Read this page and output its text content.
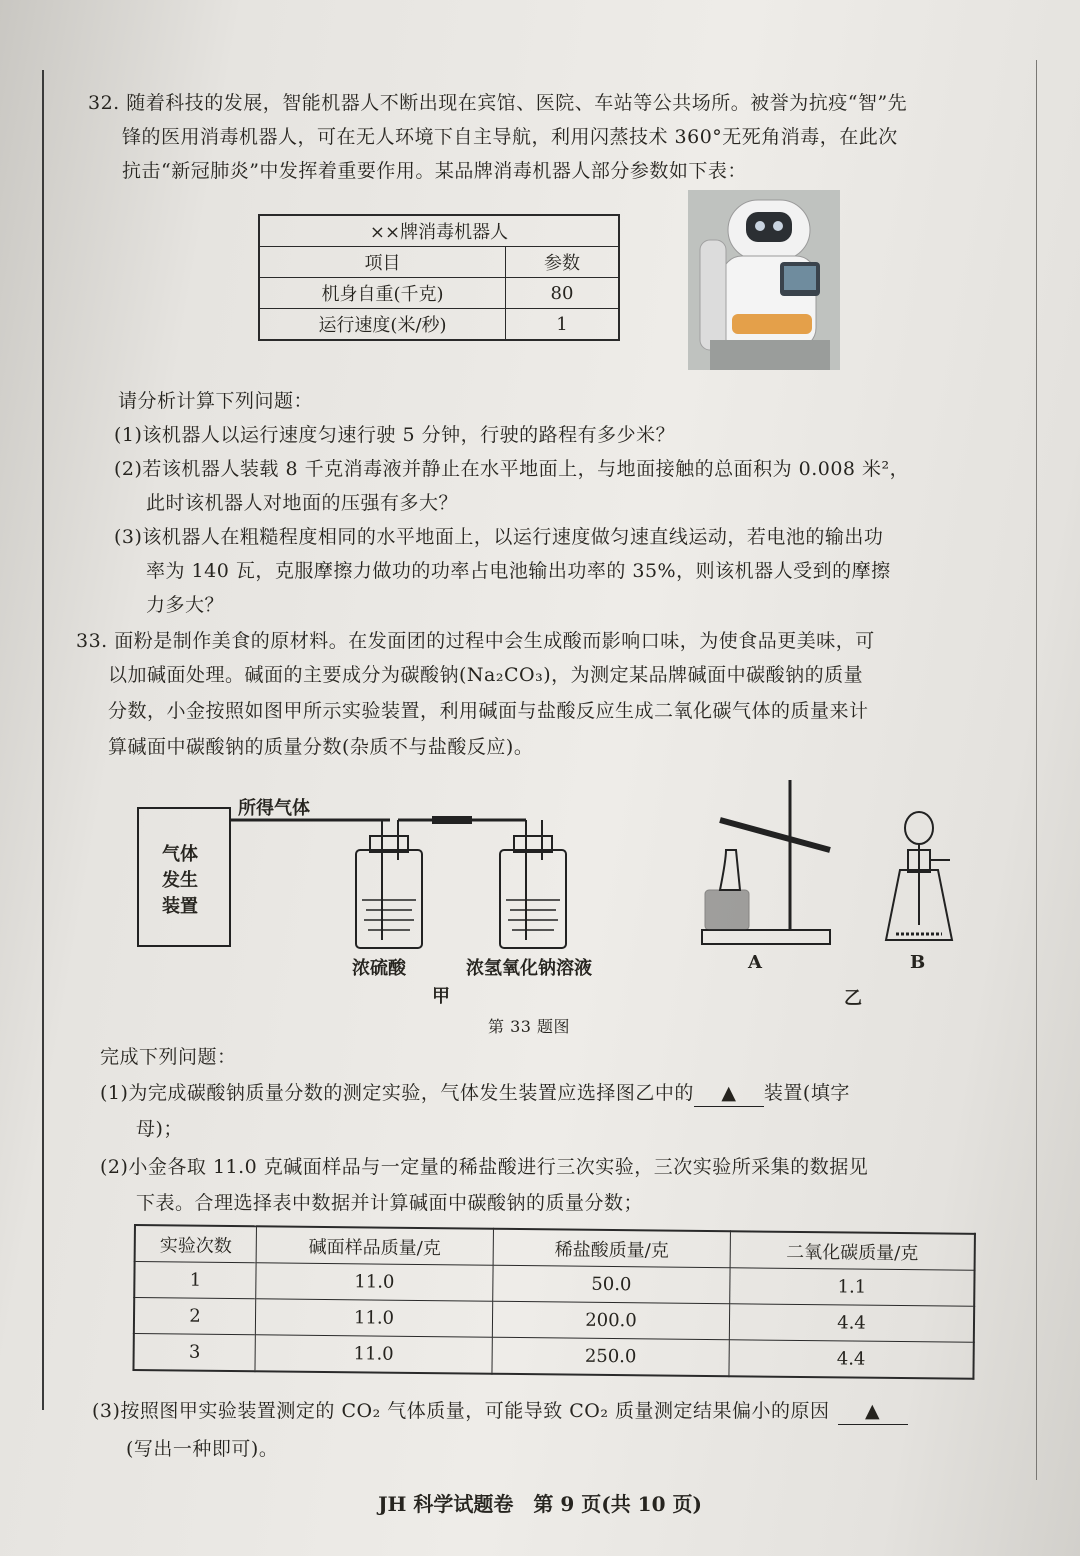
32. 随着科技的发展，智能机器人不断出现在宾馆、医院、车站等公共场所。被誉为抗疫“智”先
锋的医用消毒机器人，可在无人环境下自主导航，利用闪蒸技术 360°无死角消毒，在此次
抗击“新冠肺炎”中发挥着重要作用。某品牌消毒机器人部分参数如下表：
××牌消毒机器人	
项目	参数
机身自重(千克)	80
运行速度(米/秒)	1
请分析计算下列问题：
(1)该机器人以运行速度匀速行驶 5 分钟，行驶的路程有多少米？
(2)若该机器人装载 8 千克消毒液并静止在水平地面上，与地面接触的总面积为 0.008 米²，
此时该机器人对地面的压强有多大？
(3)该机器人在粗糙程度相同的水平地面上，以运行速度做匀速直线运动，若电池的输出功
率为 140 瓦，克服摩擦力做功的功率占电池输出功率的 35%，则该机器人受到的摩擦
力多大？
33. 面粉是制作美食的原材料。在发面团的过程中会生成酸而影响口味，为使食品更美味，可
以加碱面处理。碱面的主要成分为碳酸钠(Na₂CO₃)，为测定某品牌碱面中碳酸钠的质量
分数，小金按照如图甲所示实验装置，利用碱面与盐酸反应生成二氧化碳气体的质量来计
算碱面中碳酸钠的质量分数(杂质不与盐酸反应)。
所得气体
气体
发生
装置
浓硫酸	浓氢氧化钠溶液
甲
A	B
乙
第 33 题图
完成下列问题：
(1)为完成碳酸钠质量分数的测定实验，气体发生装置应选择图乙中的 ▲ 装置(填字
母)；
(2)小金各取 11.0 克碱面样品与一定量的稀盐酸进行三次实验，三次实验所采集的数据见
下表。合理选择表中数据并计算碱面中碳酸钠的质量分数；
实验次数	碱面样品质量/克	稀盐酸质量/克	二氧化碳质量/克
1	11.0	50.0	1.1
2	11.0	200.0	4.4
3	11.0	250.0	4.4
(3)按照图甲实验装置测定的 CO₂ 气体质量，可能导致 CO₂ 质量测定结果偏小的原因 ▲
(写出一种即可)。
JH 科学试题卷　第 9 页(共 10 页)
